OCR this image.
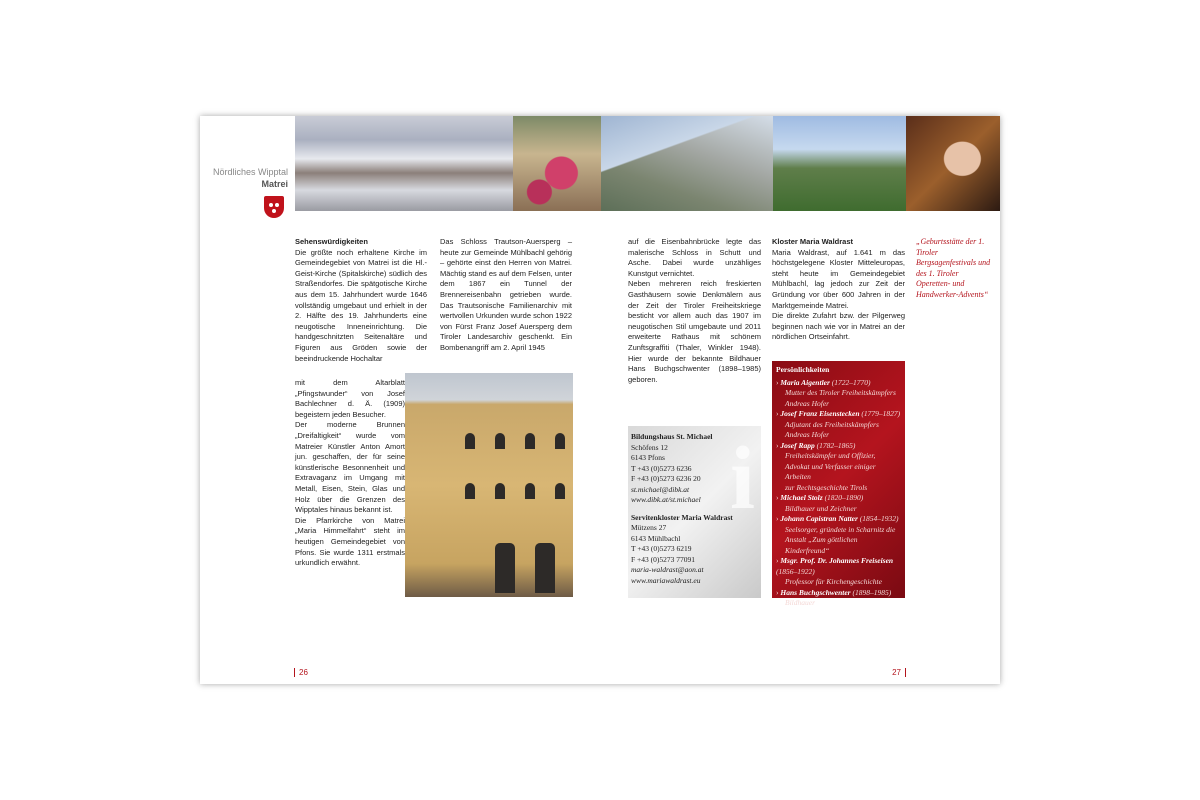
Nördliches Wipptal
Matrei

Sehenswürdigkeiten

Die größte noch erhaltene Kirche im Gemeindegebiet von Matrei ist die Hl.-Geist-Kirche (Spitalskirche) südlich des Straßendorfes. Die spätgotische Kirche aus dem 15. Jahrhundert wurde 1646 vollständig umgebaut und erhielt in der 2. Hälfte des 19. Jahrhunderts eine neugotische Inneneinrichtung. Die handgeschnitzten Seitenaltäre und Figuren aus Gröden sowie der beeindruckende Hochaltar

mit dem Altarblatt „Pfingstwunder“ von Josef Bachlechner d. Ä. (1909) begeistern jeden Besucher.

Der moderne Brunnen „Dreifaltigkeit“ wurde vom Matreier Künstler Anton Amort jun. geschaffen, der für seine künstlerische Besonnenheit und Extravaganz im Umgang mit Metall, Eisen, Stein, Glas und Holz über die Grenzen des Wipptales hinaus bekannt ist.

Die Pfarrkirche von Matrei „Maria Himmelfahrt“ steht im heutigen Gemeindegebiet von Pfons. Sie wurde 1311 erstmals urkundlich erwähnt.

Das Schloss Trautson-Auersperg – heute zur Gemeinde Mühlbachl gehörig – gehörte einst den Herren von Matrei. Mächtig stand es auf dem Felsen, unter dem 1867 ein Tunnel der Brennereisenbahn getrieben wurde. Das Trautsonische Familienarchiv mit wertvollen Urkunden wurde schon 1922 von Fürst Franz Josef Auersperg dem Tiroler Landesarchiv geschenkt. Ein Bombenangriff am 2. April 1945

auf die Eisenbahnbrücke legte das malerische Schloss in Schutt und Asche. Dabei wurde unzähliges Kunstgut vernichtet.

Neben mehreren reich freskierten Gasthäusern sowie Denkmälern aus der Zeit der Tiroler Freiheitskriege besticht vor allem auch das 1907 im neugotischen Stil umgebaute und 2011 erweiterte Rathaus mit schönem Zunftsgraffiti (Thaler, Winkler 1948). Hier wurde der bekannte Bildhauer Hans Buchgschwenter (1898–1985) geboren.

i
Bildungshaus St. Michael
Schöfens 12
6143 Pfons
T +43 (0)5273 6236
F +43 (0)5273 6236 20
st.michael@dibk.at
www.dibk.at/st.michael
Servitenkloster Maria Waldrast
Mützens 27
6143 Mühlbachl
T +43 (0)5273 6219
F +43 (0)5273 77091
maria-waldrast@aon.at
www.mariawaldrast.eu

Kloster Maria Waldrast

Maria Waldrast, auf 1.641 m das höchstgelegene Kloster Mitteleuropas, steht heute im Gemeindegebiet Mühlbachl, lag jedoch zur Zeit der Gründung vor über 600 Jahren in der Marktgemeinde Matrei.

Die direkte Zufahrt bzw. der Pilgerweg beginnen nach wie vor in Matrei an der nördlichen Ortseinfahrt.

Persönlichkeiten
› Maria Aigentler (1722–1770)
Mutter des Tiroler Freiheitskämpfers
Andreas Hofer
› Josef Franz Eisenstecken (1779–1827)
Adjutant des Freiheitskämpfers
Andreas Hofer
› Josef Rapp (1782–1865)
Freiheitskämpfer und Offizier,
Advokat und Verfasser einiger Arbeiten
zur Rechtsgeschichte Tirols
› Michael Stolz (1820–1890)
Bildhauer und Zeichner
› Johann Capistran Natter (1854–1932)
Seelsorger, gründete in Scharnitz die
Anstalt „Zum göttlichen Kinderfreund“
› Msgr. Prof. Dr. Johannes Freiseisen (1856–1922)
Professor für Kirchengeschichte
› Hans Buchgschwenter (1898–1985)
Bildhauer
„Geburtsstätte der 1. Tiroler Bergsagenfestivals und des 1. Tiroler Operetten- und Handwerker-Advents“
26	27
